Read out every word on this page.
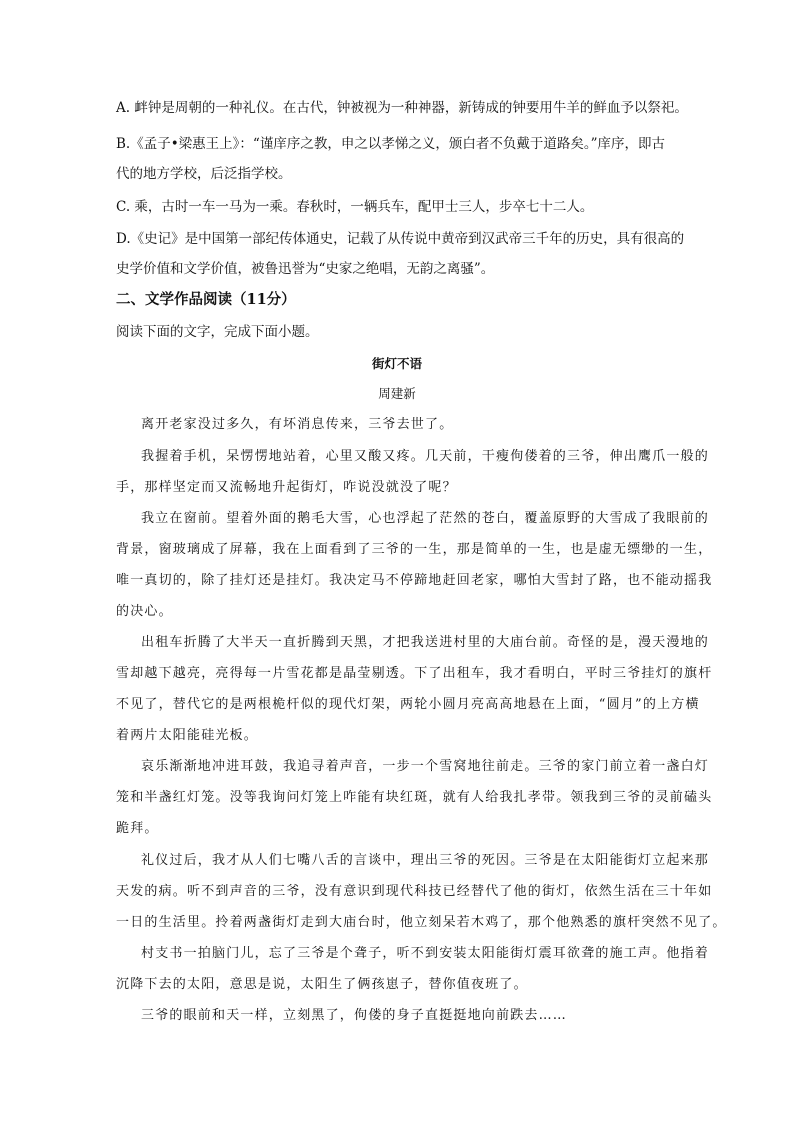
A. 衅钟是周朝的一种礼仪。在古代，钟被视为一种神器，新铸成的钟要用牛羊的鲜血予以祭祀。
B.《孟子•梁惠王上》：“谨庠序之教，申之以孝悌之义，颁白者不负戴于道路矣。”庠序，即古
代的地方学校，后泛指学校。
C. 乘，古时一车一马为一乘。春秋时，一辆兵车，配甲士三人，步卒七十二人。
D.《史记》是中国第一部纪传体通史，记载了从传说中黄帝到汉武帝三千年的历史，具有很高的
史学价值和文学价值，被鲁迅誉为“史家之绝唱，无韵之离骚”。
二、文学作品阅读（11分）
阅读下面的文字，完成下面小题。
街灯不语
周建新
离开老家没过多久，有坏消息传来，三爷去世了。
我握着手机，呆愣愣地站着，心里又酸又疼。几天前，干瘦佝偻着的三爷，伸出鹰爪一般的
手，那样坚定而又流畅地升起街灯，咋说没就没了呢？
我立在窗前。望着外面的鹅毛大雪，心也浮起了茫然的苍白，覆盖原野的大雪成了我眼前的
背景，窗玻璃成了屏幕，我在上面看到了三爷的一生，那是简单的一生，也是虚无缥缈的一生，
唯一真切的，除了挂灯还是挂灯。我决定马不停蹄地赶回老家，哪怕大雪封了路，也不能动摇我
的决心。
出租车折腾了大半天一直折腾到天黑，才把我送进村里的大庙台前。奇怪的是，漫天漫地的
雪却越下越亮，亮得每一片雪花都是晶莹剔透。下了出租车，我才看明白，平时三爷挂灯的旗杆
不见了，替代它的是两根桅杆似的现代灯架，两轮小圆月亮高高地悬在上面，“圆月”的上方横
着两片太阳能硅光板。
哀乐渐渐地冲进耳鼓，我追寻着声音，一步一个雪窝地往前走。三爷的家门前立着一盏白灯
笼和半盏红灯笼。没等我询问灯笼上咋能有块红斑，就有人给我扎孝带。领我到三爷的灵前磕头
跪拜。
礼仪过后，我才从人们七嘴八舌的言谈中，理出三爷的死因。三爷是在太阳能街灯立起来那
天发的病。听不到声音的三爷，没有意识到现代科技已经替代了他的街灯，依然生活在三十年如
一日的生活里。拎着两盏街灯走到大庙台时，他立刻呆若木鸡了，那个他熟悉的旗杆突然不见了。
村支书一拍脑门儿，忘了三爷是个聋子，听不到安装太阳能街灯震耳欲聋的施工声。他指着
沉降下去的太阳，意思是说，太阳生了俩孩崽子，替你值夜班了。
三爷的眼前和天一样，立刻黑了，佝偻的身子直挺挺地向前跌去……
